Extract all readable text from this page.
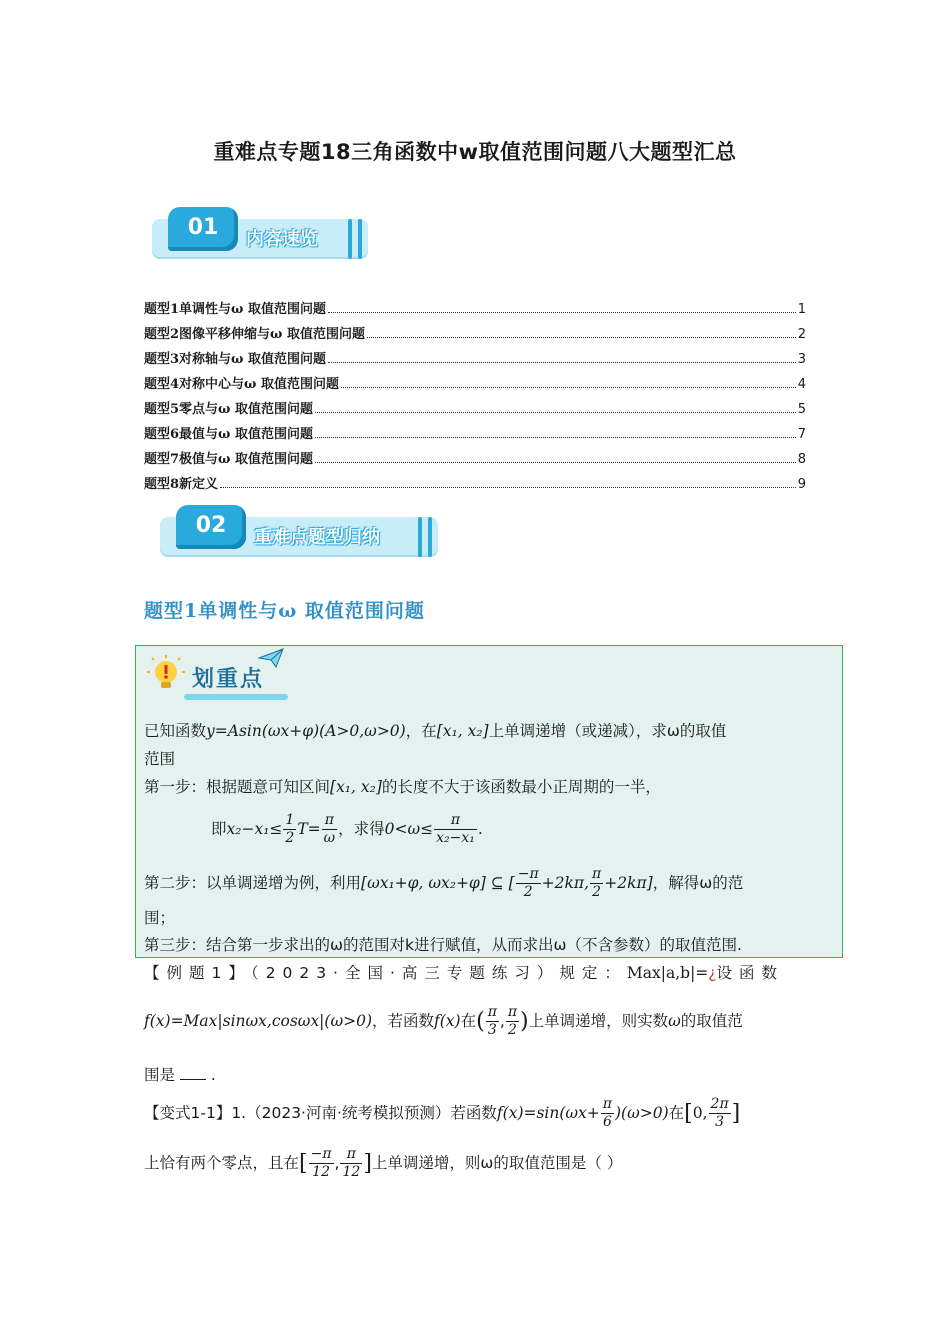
重难点专题18三角函数中w取值范围问题八大题型汇总
01	内容速览
题型1单调性与ω 取值范围问题	1
题型2图像平移伸缩与ω 取值范围问题	2
题型3对称轴与ω 取值范围问题	3
题型4对称中心与ω 取值范围问题	4
题型5零点与ω 取值范围问题	5
题型6最值与ω 取值范围问题	7
题型7极值与ω 取值范围问题	8
题型8新定义	9
02	重难点题型归纳
题型1单调性与ω 取值范围问题
划重点
已知函数y=Asin(ωx+φ)(A>0,ω>0)，在[x₁, x₂]上单调递增（或递减），求ω的取值
范围
第一步：根据题意可知区间[x₁, x₂]的长度不大于该函数最小正周期的一半，
即$x_2-x_1\le \frac{1}{2} T= \frac{\pi}{\omega}$ ，求得$0<\omega\le \frac{\pi}{\text{x₂−x₁}}$ .
第二步：以单调递增为例，利用[ωx₁+φ, ωx₂+φ] ⊆ [ $\frac{-\pi}{2} +2k\pi$, $\frac{\pi}{2} +2k\pi$]，解得ω的范
围；
第三步：结合第一步求出的ω的范围对k进行赋值，从而求出ω（不含参数）的取值范围.
【例题1】（2023·全国·高三专题练习）规定：Max|a,b|=¿设函数
f(x)=Max|sinωx,cosωx|(ω>0)，若函数f(x)在( $\frac{\pi}{3}$ , $\frac{\pi}{2}$ )上单调递增，则实数ω的取值范
围是 .
【变式1-1】1.（2023·河南·统考模拟预测）若函数$f(x)=\sin(\omega x+ \frac{\pi}{6} )(\omega>0)$在[0, $\frac{2\pi}{3}$ ]
上恰有两个零点，且在[ $\frac{-\pi}{12}$ , $\frac{\pi}{12}$ ]上单调递增，则ω的取值范围是（ ）
